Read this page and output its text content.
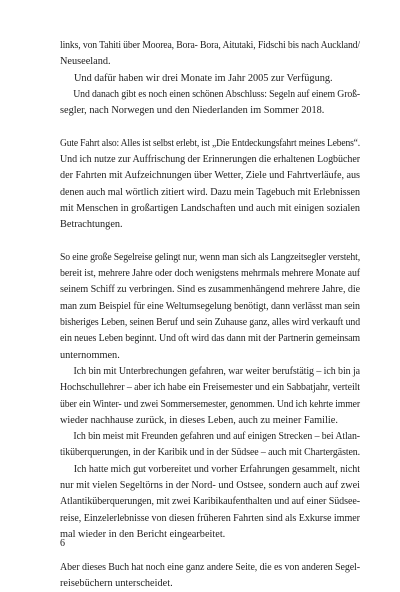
links, von Tahiti über Moorea, Bora- Bora, Aitutaki, Fidschi bis nach Auckland/
Neuseeland.
Und dafür haben wir drei Monate im Jahr 2005 zur Verfügung.
Und danach gibt es noch einen schönen Abschluss: Segeln auf einem Groß-
segler, nach Norwegen und den Niederlanden im Sommer 2018.
Gute Fahrt also: Alles ist selbst erlebt, ist „Die Entdeckungsfahrt meines Lebens“.
Und ich nutze zur Auffrischung der Erinnerungen die erhaltenen Logbücher
der Fahrten mit Aufzeichnungen über Wetter, Ziele und Fahrtverläufe, aus
denen auch mal wörtlich zitiert wird. Dazu mein Tagebuch mit Erlebnissen
mit Menschen in großartigen Landschaften und auch mit einigen sozialen
Betrachtungen.
So eine große Segelreise gelingt nur, wenn man sich als Langzeitsegler versteht,
bereit ist, mehrere Jahre oder doch wenigstens mehrmals mehrere Monate auf
seinem Schiff zu verbringen. Sind es zusammenhängend mehrere Jahre, die
man zum Beispiel für eine Weltumsegelung benötigt, dann verlässt man sein
bisheriges Leben, seinen Beruf und sein Zuhause ganz, alles wird verkauft und
ein neues Leben beginnt. Und oft wird das dann mit der Partnerin gemeinsam
unternommen.
Ich bin mit Unterbrechungen gefahren, war weiter berufstätig – ich bin ja
Hochschullehrer – aber ich habe ein Freisemester und ein Sabbatjahr, verteilt
über ein Winter- und zwei Sommersemester, genommen. Und ich kehrte immer
wieder nachhause zurück, in dieses Leben, auch zu meiner Familie.
Ich bin meist mit Freunden gefahren und auf einigen Strecken – bei Atlan-
tiküberquerungen, in der Karibik und in der Südsee – auch mit Chartergästen.
Ich hatte mich gut vorbereitet und vorher Erfahrungen gesammelt, nicht
nur mit vielen Segeltörns in der Nord- und Ostsee, sondern auch auf zwei
Atlantiküberquerungen, mit zwei Karibikaufenthalten und auf einer Südsee-
reise, Einzelerlebnisse von diesen früheren Fahrten sind als Exkurse immer
mal wieder in den Bericht eingearbeitet.
Aber dieses Buch hat noch eine ganz andere Seite, die es von anderen Segel-
reisebüchern unterscheidet.
6
